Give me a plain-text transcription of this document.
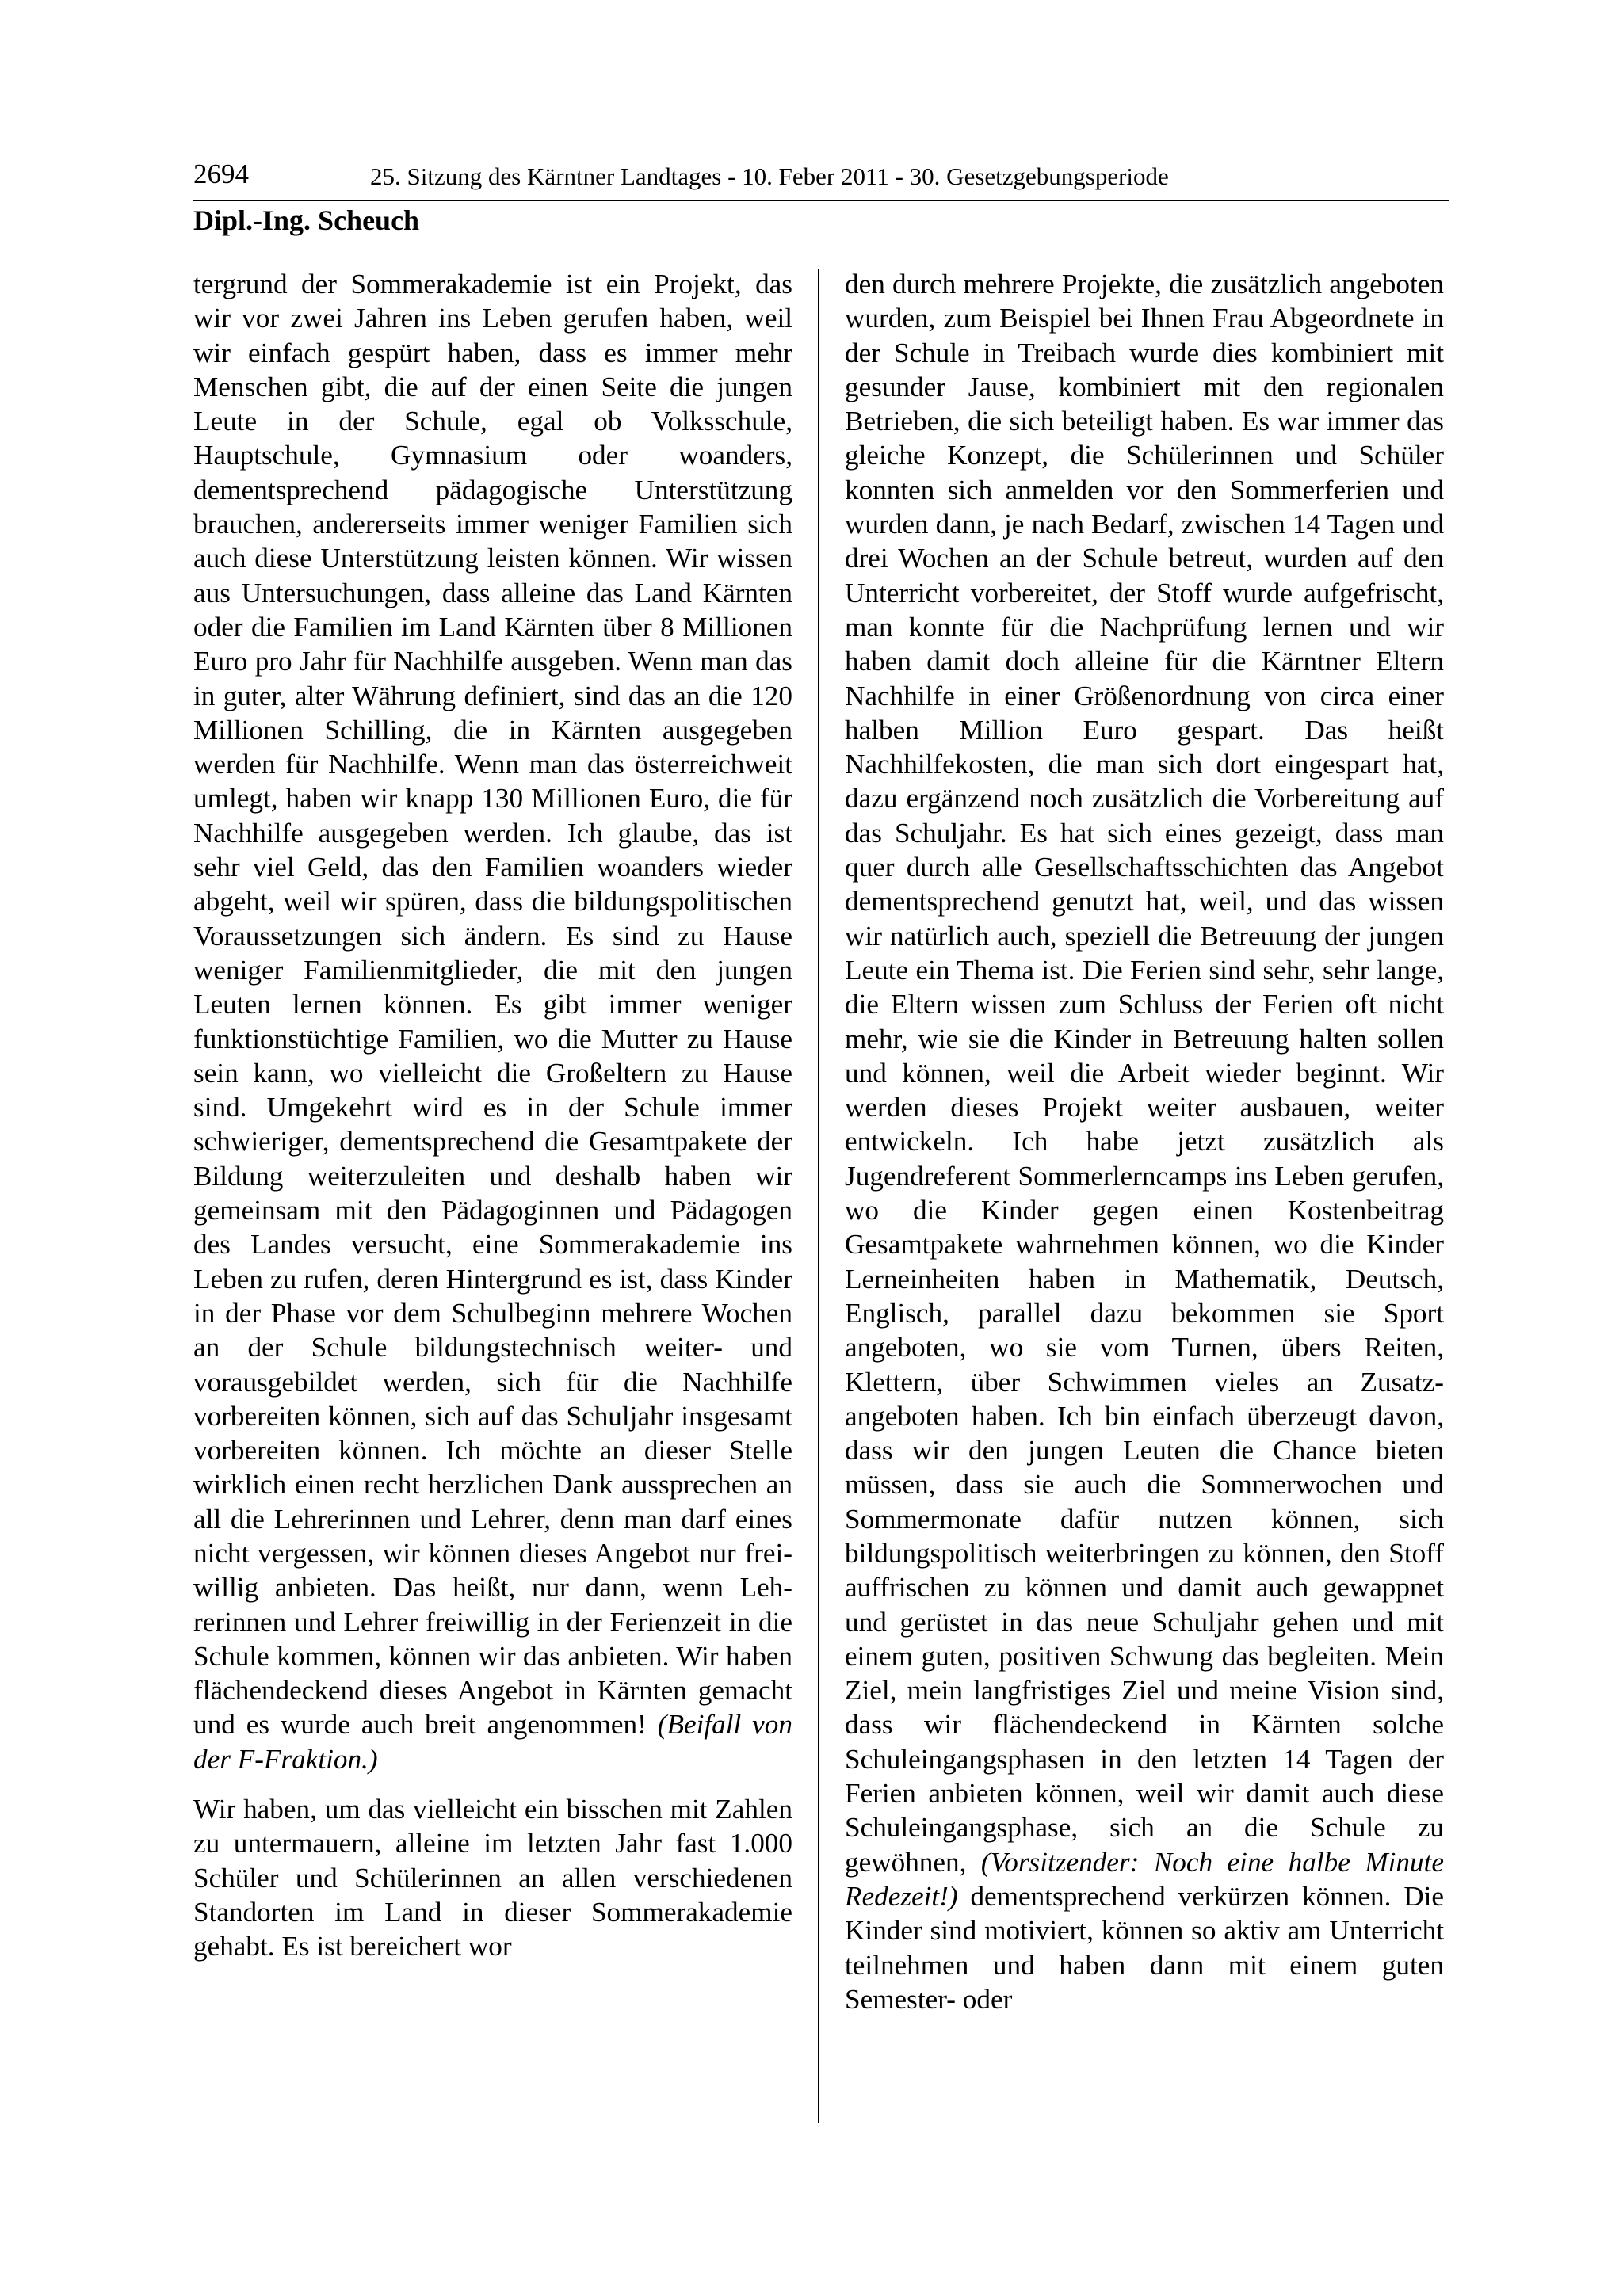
2694	25. Sitzung des Kärntner Landtages - 10. Feber 2011 - 30. Gesetzgebungsperiode
Dipl.-Ing. Scheuch

tergrund der Sommerakademie ist ein Projekt, das wir vor zwei Jahren ins Leben gerufen haben, weil wir einfach gespürt haben, dass es immer mehr Menschen gibt, die auf der einen Seite die jungen Leute in der Schule, egal ob Volksschule, Hauptschule, Gymnasium oder woanders, dementsprechend pädagogische Unterstützung brauchen, andererseits immer weniger Familien sich auch diese Unterstützung leisten können. Wir wissen aus Untersuchungen, dass alleine das Land Kärnten oder die Familien im Land Kärnten über 8 Millionen Euro pro Jahr für Nachhilfe ausgeben. Wenn man das in guter, alter Währung definiert, sind das an die 120 Millionen Schilling, die in Kärnten ausgegeben werden für Nachhilfe. Wenn man das österreichweit umlegt, haben wir knapp 130 Millionen Euro, die für Nachhilfe ausgegeben werden. Ich glaube, das ist sehr viel Geld, das den Familien woanders wieder abgeht, weil wir spüren, dass die bildungspolitischen Voraussetzungen sich ändern. Es sind zu Hause weniger Familienmitglieder, die mit den jungen Leuten lernen können. Es gibt immer weniger funktionstüchtige Familien, wo die Mutter zu Hause sein kann, wo vielleicht die Großeltern zu Hause sind. Umgekehrt wird es in der Schule immer schwieriger, dementsprechend die Gesamtpakete der Bildung weiterzuleiten und deshalb haben wir gemeinsam mit den Pädagoginnen und Pädagogen des Landes versucht, eine Sommerakademie ins Leben zu rufen, deren Hintergrund es ist, dass Kinder in der Phase vor dem Schulbeginn mehrere Wochen an der Schule bildungstechnisch weiter- und vorausgebildet werden, sich für die Nachhilfe vorbereiten können, sich auf das Schuljahr insgesamt vorbereiten können. Ich möchte an dieser Stelle wirklich einen recht herzlichen Dank aussprechen an all die Lehrerinnen und Lehrer, denn man darf eines nicht vergessen, wir können dieses Angebot nur freiwillig anbieten. Das heißt, nur dann, wenn Lehrerinnen und Lehrer freiwillig in der Ferienzeit in die Schule kommen, können wir das anbieten. Wir haben flächendeckend dieses Angebot in Kärnten gemacht und es wurde auch breit angenommen! (Beifall von der F-Fraktion.)

Wir haben, um das vielleicht ein bisschen mit Zahlen zu untermauern, alleine im letzten Jahr fast 1.000 Schüler und Schülerinnen an allen verschiedenen Standorten im Land in dieser Sommerakademie gehabt. Es ist bereichert wor

den durch mehrere Projekte, die zusätzlich angeboten wurden, zum Beispiel bei Ihnen Frau Abgeordnete in der Schule in Treibach wurde dies kombiniert mit gesunder Jause, kombiniert mit den regionalen Betrieben, die sich beteiligt haben. Es war immer das gleiche Konzept, die Schülerinnen und Schüler konnten sich anmelden vor den Sommerferien und wurden dann, je nach Bedarf, zwischen 14 Tagen und drei Wochen an der Schule betreut, wurden auf den Unterricht vorbereitet, der Stoff wurde aufgefrischt, man konnte für die Nachprüfung lernen und wir haben damit doch alleine für die Kärntner Eltern Nachhilfe in einer Größenordnung von circa einer halben Million Euro gespart. Das heißt Nachhilfekosten, die man sich dort eingespart hat, dazu ergänzend noch zusätzlich die Vorbereitung auf das Schuljahr. Es hat sich eines gezeigt, dass man quer durch alle Gesellschaftsschichten das Angebot dementsprechend genutzt hat, weil, und das wissen wir natürlich auch, speziell die Betreuung der jungen Leute ein Thema ist. Die Ferien sind sehr, sehr lange, die Eltern wissen zum Schluss der Ferien oft nicht mehr, wie sie die Kinder in Betreuung halten sollen und können, weil die Arbeit wieder beginnt. Wir werden dieses Projekt weiter ausbauen, weiter entwickeln. Ich habe jetzt zusätzlich als Jugendreferent Sommerlerncamps ins Leben gerufen, wo die Kinder gegen einen Kostenbeitrag Gesamtpakete wahrnehmen können, wo die Kinder Lerneinheiten haben in Mathematik, Deutsch, Englisch, parallel dazu bekommen sie Sport angeboten, wo sie vom Turnen, übers Reiten, Klettern, über Schwimmen vieles an Zusatzangeboten haben. Ich bin einfach überzeugt davon, dass wir den jungen Leuten die Chance bieten müssen, dass sie auch die Sommerwochen und Sommermonate dafür nutzen können, sich bildungspolitisch weiterbringen zu können, den Stoff auffrischen zu können und damit auch gewappnet und gerüstet in das neue Schuljahr gehen und mit einem guten, positiven Schwung das begleiten. Mein Ziel, mein langfristiges Ziel und meine Vision sind, dass wir flächendeckend in Kärnten solche Schuleingangsphasen in den letzten 14 Tagen der Ferien anbieten können, weil wir damit auch diese Schuleingangsphase, sich an die Schule zu gewöhnen, (Vorsitzender: Noch eine halbe Minute Redezeit!) dementsprechend verkürzen können. Die Kinder sind motiviert, können so aktiv am Unterricht teilnehmen und haben dann mit einem guten Semester- oder
